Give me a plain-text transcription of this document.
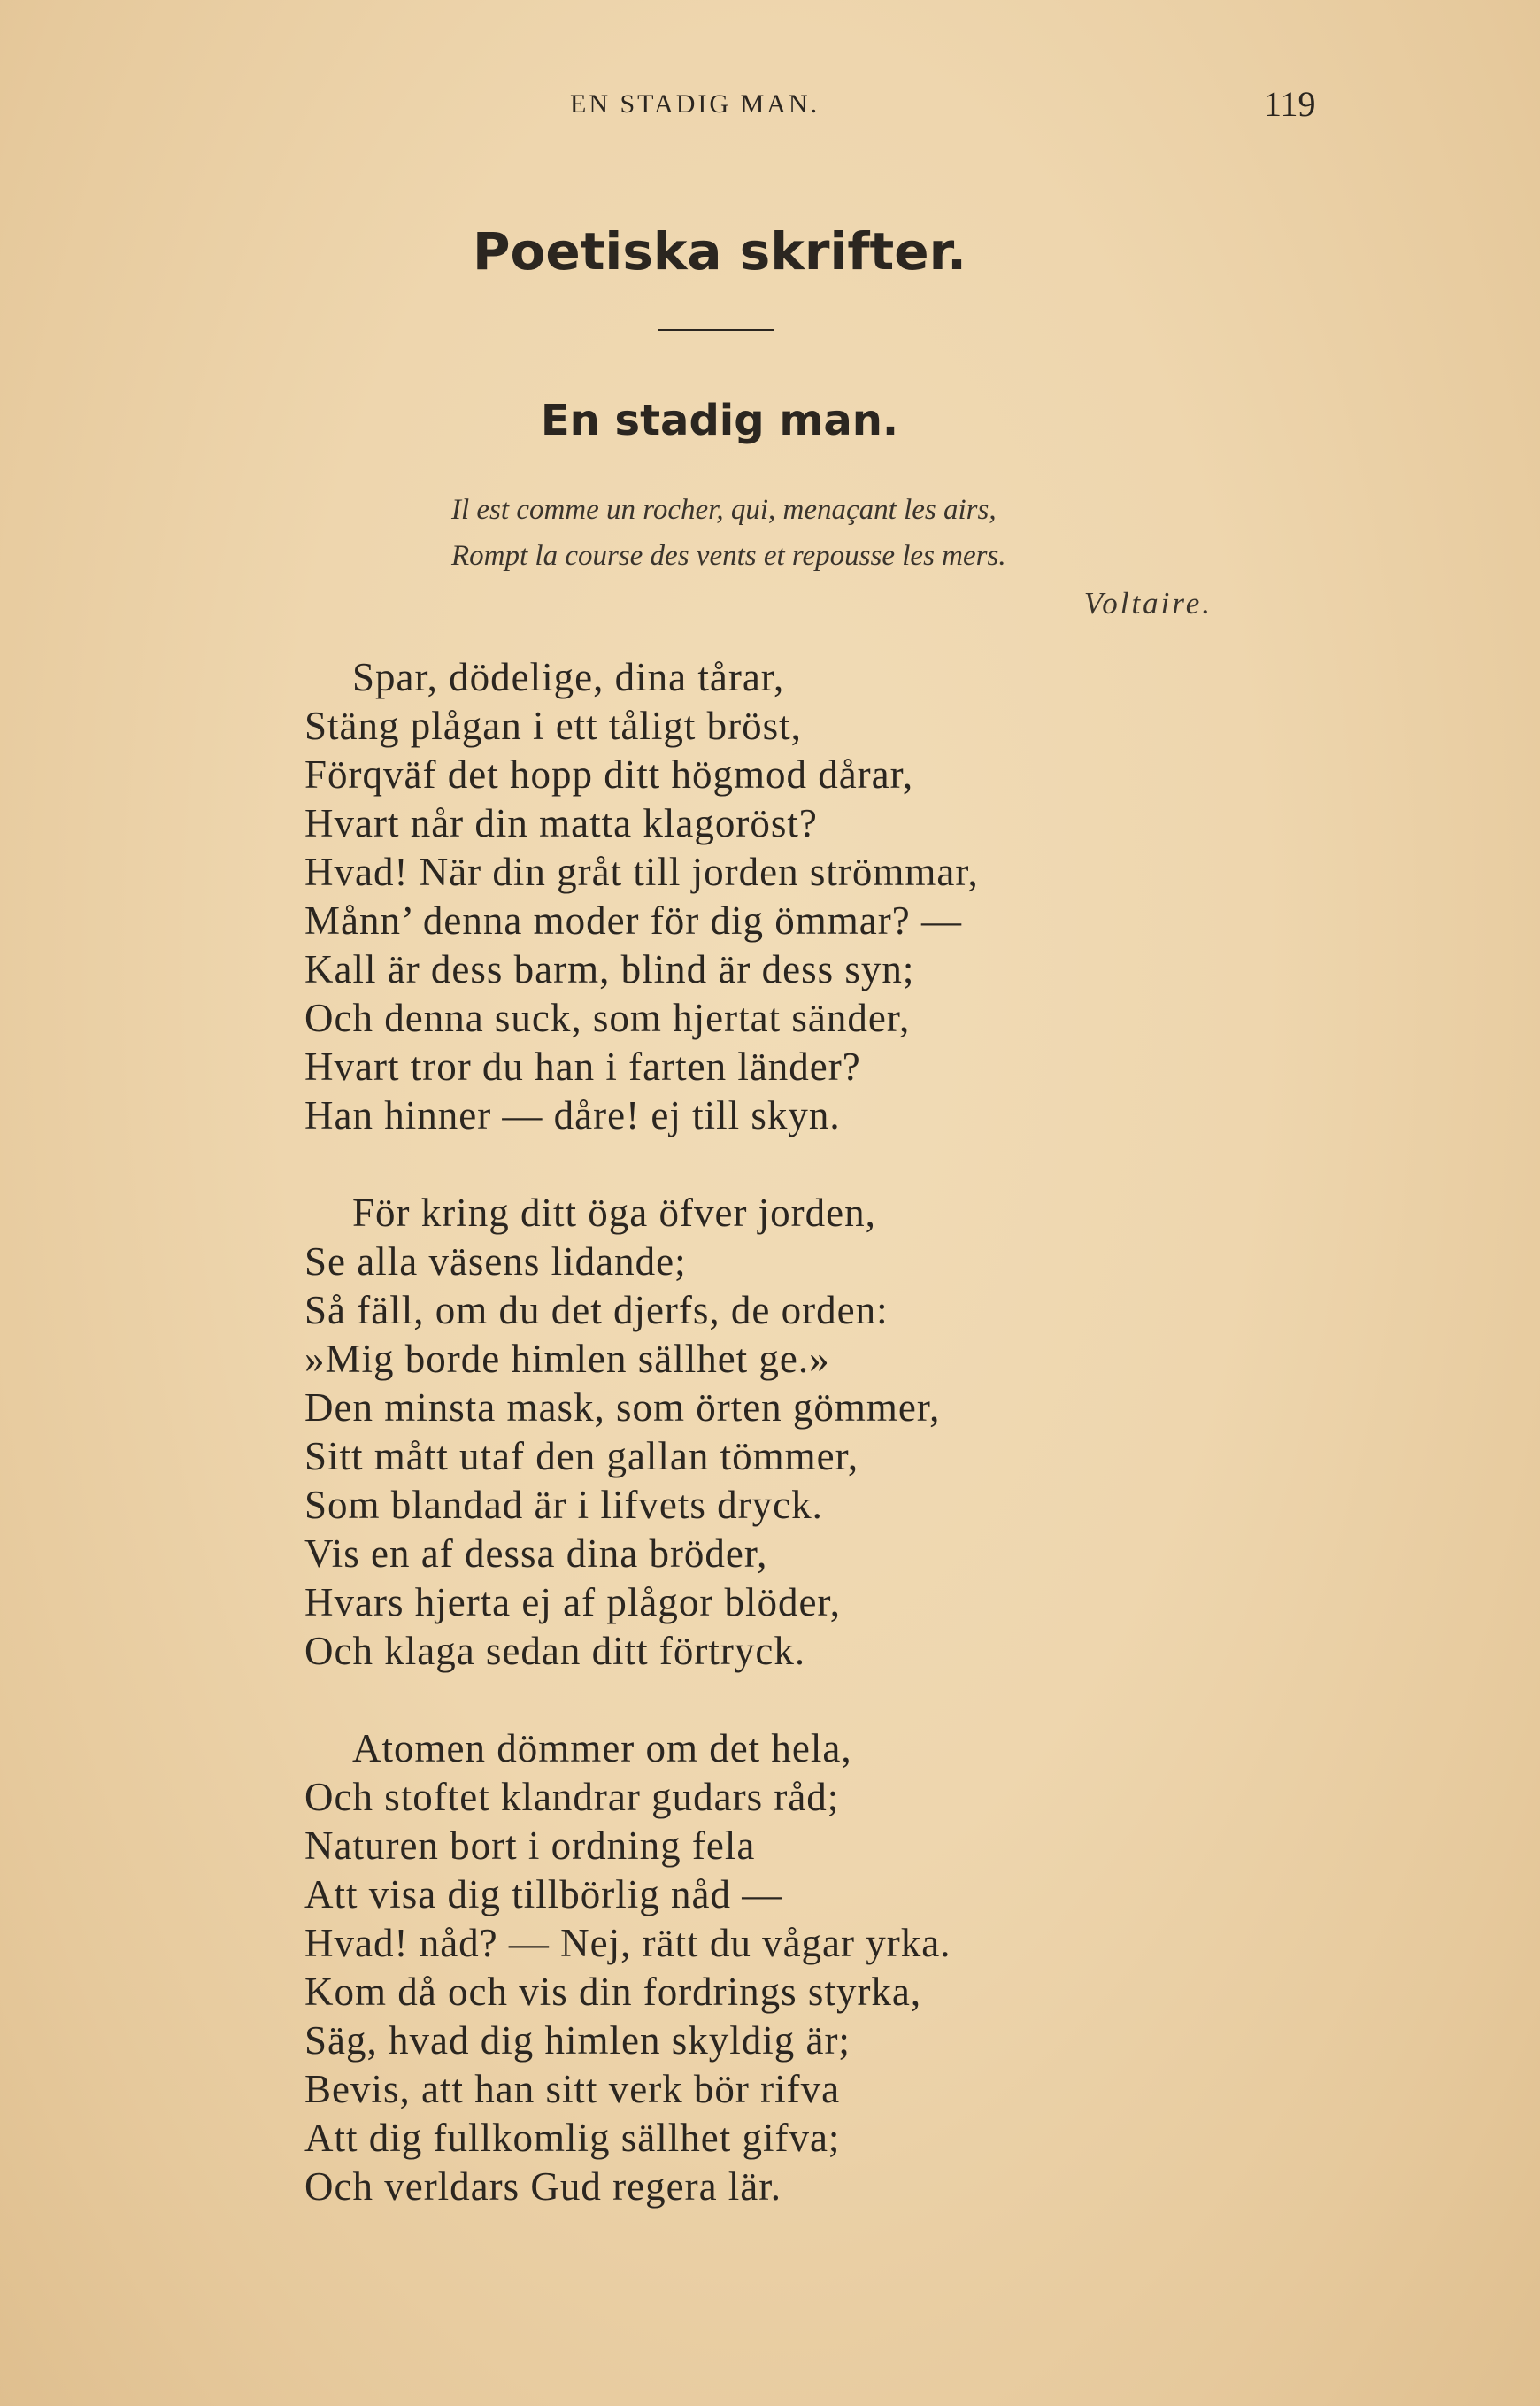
EN STADIG MAN.	119
Poetiska skrifter.
En stadig man.
Il est comme un rocher, qui, menaçant les airs,
Rompt la course des vents et repousse les mers.
Voltaire.
Spar, dödelige, dina tårar,
Stäng plågan i ett tåligt bröst,
Förqväf det hopp ditt högmod dårar,
Hvart når din matta klagoröst?
Hvad! När din gråt till jorden strömmar,
Månn’ denna moder för dig ömmar? —
Kall är dess barm, blind är dess syn;
Och denna suck, som hjertat sänder,
Hvart tror du han i farten länder?
Han hinner — dåre! ej till skyn.
För kring ditt öga öfver jorden,
Se alla väsens lidande;
Så fäll, om du det djerfs, de orden:
»Mig borde himlen sällhet ge.»
Den minsta mask, som örten gömmer,
Sitt mått utaf den gallan tömmer,
Som blandad är i lifvets dryck.
Vis en af dessa dina bröder,
Hvars hjerta ej af plågor blöder,
Och klaga sedan ditt förtryck.
Atomen dömmer om det hela,
Och stoftet klandrar gudars råd;
Naturen bort i ordning fela
Att visa dig tillbörlig nåd —
Hvad! nåd? — Nej, rätt du vågar yrka.
Kom då och vis din fordrings styrka,
Säg, hvad dig himlen skyldig är;
Bevis, att han sitt verk bör rifva
Att dig fullkomlig sällhet gifva;
Och verldars Gud regera lär.
